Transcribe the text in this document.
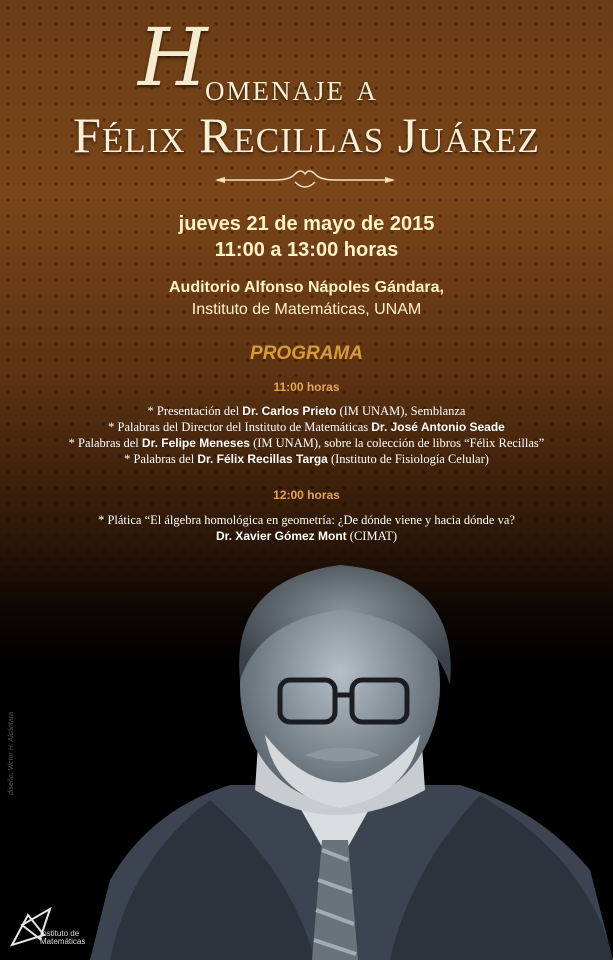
H
omenaje a
Félix Recillas Juárez
jueves 21 de mayo de 2015
11:00 a 13:00 horas
Auditorio Alfonso Nápoles Gándara,
Instituto de Matemáticas, UNAM
PROGRAMA
11:00 horas
* Presentación del Dr. Carlos Prieto (IM UNAM), Semblanza
* Palabras del Director del Instituto de Matemáticas Dr. José Antonio Seade
* Palabras del Dr. Felipe Meneses (IM UNAM), sobre la colección de libros “Félix Recillas”
* Palabras del Dr. Félix Recillas Targa (Instituto de Fisiología Celular)
12:00 horas
* Plática “El álgebra homológica en geometría: ¿De dónde viene y hacia dónde va?
Dr. Xavier Gómez Mont (CIMAT)
diseño: Víctor H. Alcántara
Instituto de
Matemáticas
